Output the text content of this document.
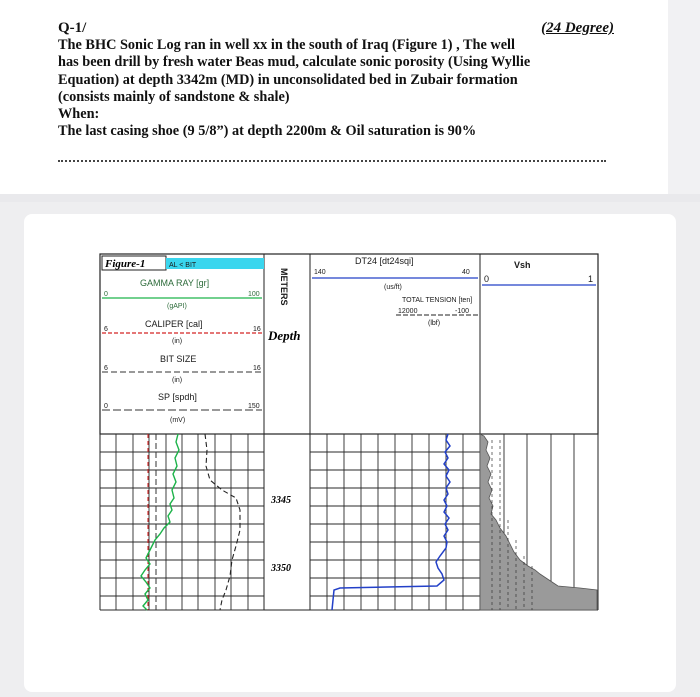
Q-1/	(24 Degree)
The BHC Sonic Log ran in well xx in the south of Iraq (Figure 1) , The well
has been drill by fresh water Beas mud, calculate sonic porosity (Using Wyllie
Equation) at depth 3342m (MD) in unconsolidated bed in Zubair formation
(consists mainly of sandstone & shale)
When:
The last casing shoe (9 5/8”) at depth 2200m & Oil saturation is 90%
Figure-1	AL < BIT
GAMMA RAY [gr]
0	100
(gAPI)
CALIPER [cal]
6	16
(in)
BIT SIZE
6	16
(in)
SP [spdh]
0	150
(mV)
METERS
Depth
DT24 [dt24sqi]
140	40
(us/ft)
TOTAL TENSION [ten]
12000	-100
(lbf)
Vsh
0	1
3345
3350
